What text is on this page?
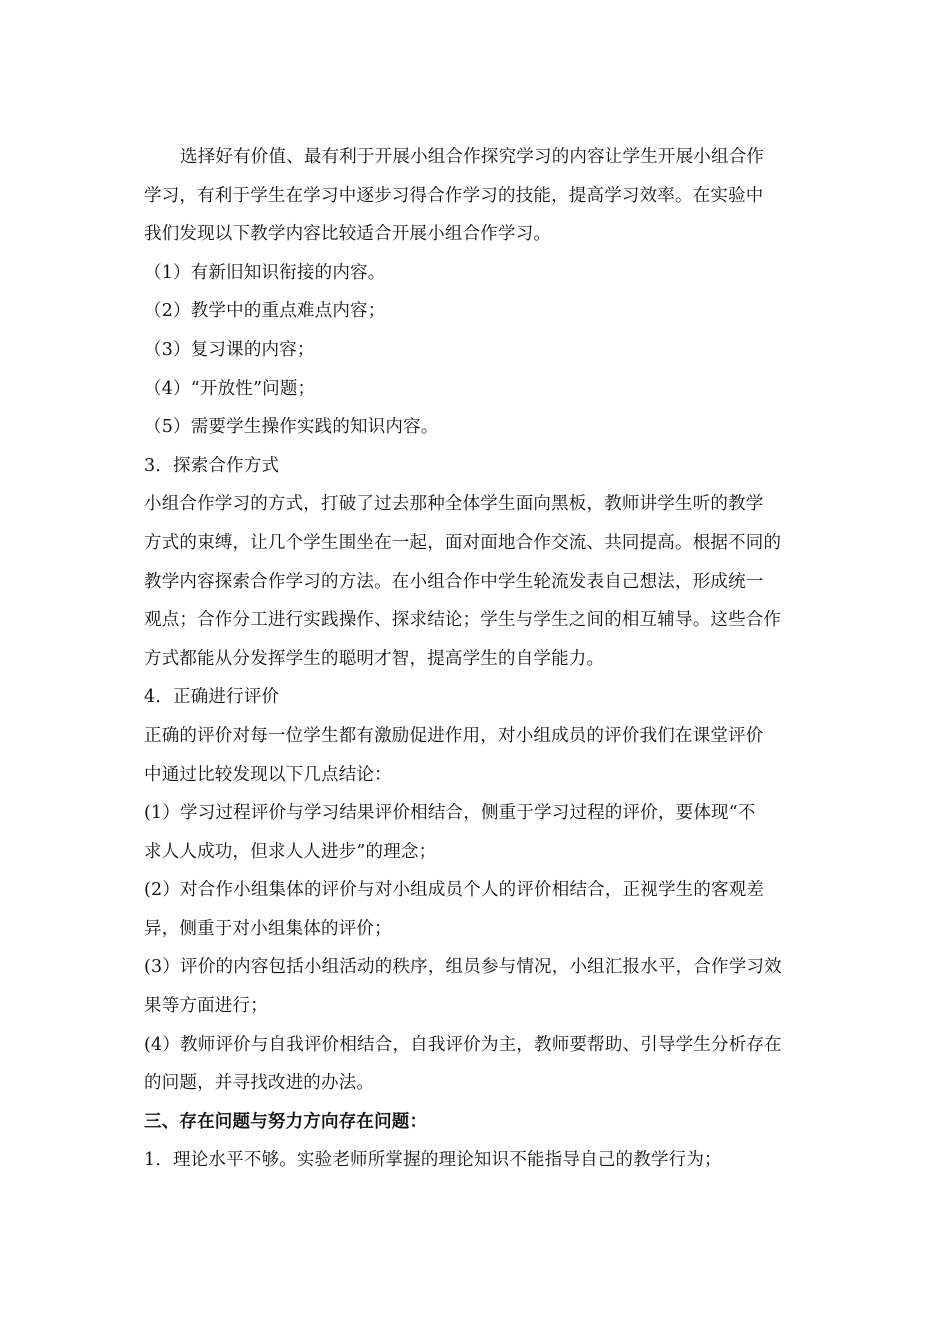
选择好有价值、最有利于开展小组合作探究学习的内容让学生开展小组合作
学习，有利于学生在学习中逐步习得合作学习的技能，提高学习效率。在实验中
我们发现以下教学内容比较适合开展小组合作学习。
（1）有新旧知识衔接的内容。
（2）教学中的重点难点内容；
（3）复习课的内容；
（4）“开放性”问题；
（5）需要学生操作实践的知识内容。
3．探索合作方式
小组合作学习的方式，打破了过去那种全体学生面向黑板，教师讲学生听的教学
方式的束缚，让几个学生围坐在一起，面对面地合作交流、共同提高。根据不同的
教学内容探索合作学习的方法。在小组合作中学生轮流发表自己想法，形成统一
观点；合作分工进行实践操作、探求结论；学生与学生之间的相互辅导。这些合作
方式都能从分发挥学生的聪明才智，提高学生的自学能力。
4．正确进行评价
正确的评价对每一位学生都有激励促进作用，对小组成员的评价我们在课堂评价
中通过比较发现以下几点结论：
(1）学习过程评价与学习结果评价相结合，侧重于学习过程的评价，要体现“不
求人人成功，但求人人进步”的理念；
(2）对合作小组集体的评价与对小组成员个人的评价相结合，正视学生的客观差
异，侧重于对小组集体的评价；
(3）评价的内容包括小组活动的秩序，组员参与情况，小组汇报水平，合作学习效
果等方面进行；
(4）教师评价与自我评价相结合，自我评价为主，教师要帮助、引导学生分析存在
的问题，并寻找改进的办法。
三、存在问题与努力方向存在问题：
1．理论水平不够。实验老师所掌握的理论知识不能指导自己的教学行为；
